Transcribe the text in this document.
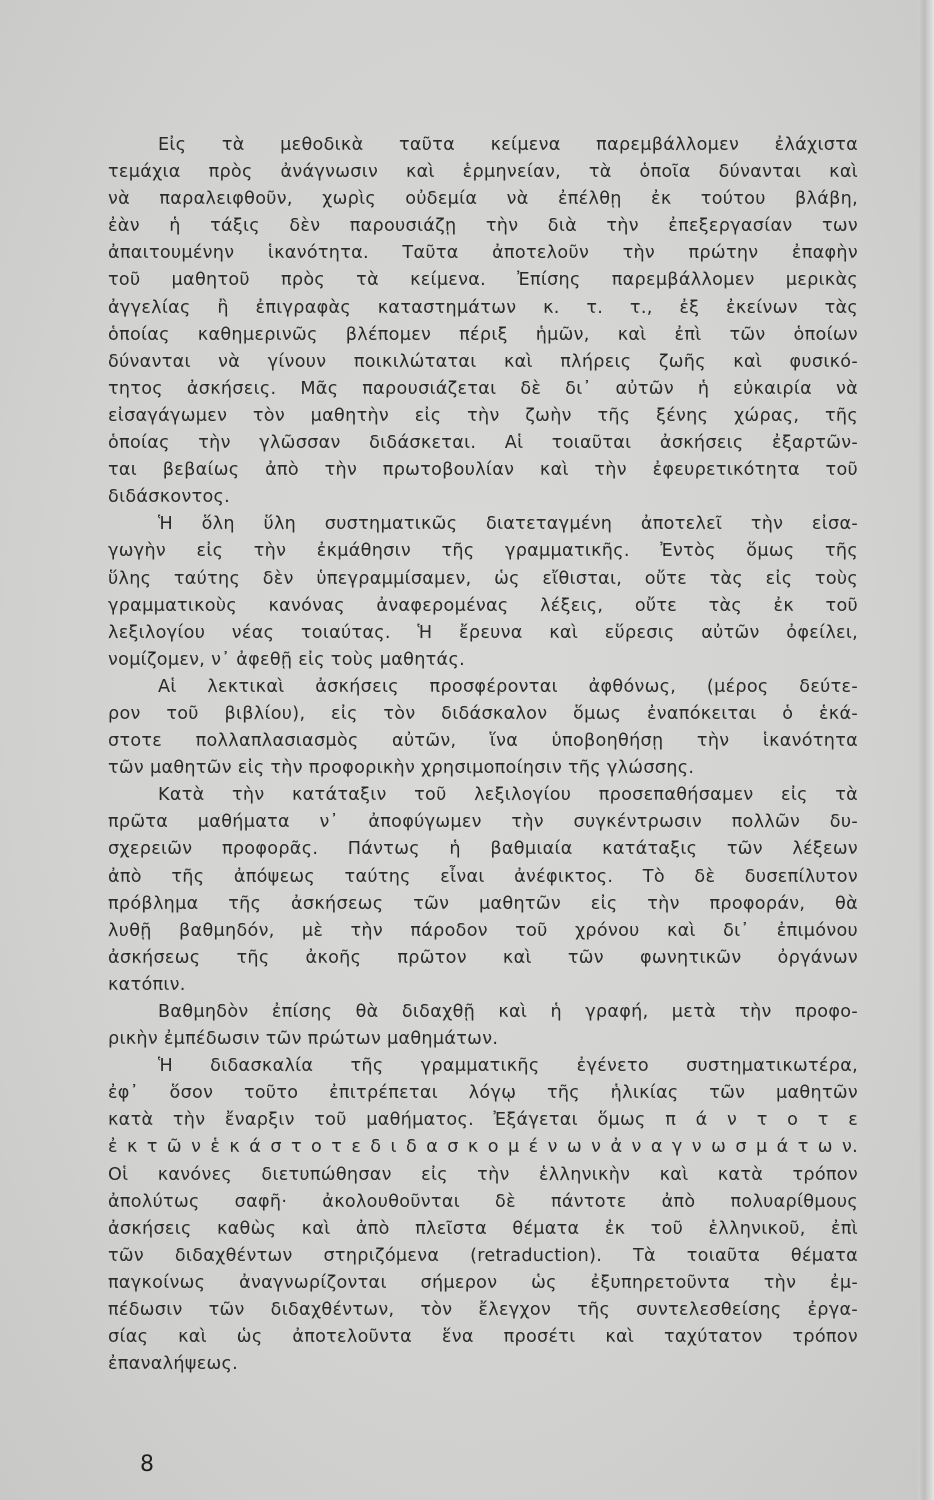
Εἰς τὰ μεθοδικὰ ταῦτα κείμενα παρεμβάλλομεν ἐλάχιστα
τεμάχια πρὸς ἀνάγνωσιν καὶ ἑρμηνείαν, τὰ ὁποῖα δύνανται καὶ
νὰ παραλειφθοῦν, χωρὶς οὐδεμία νὰ ἐπέλθῃ ἐκ τούτου βλάβη,
ἐὰν ἡ τάξις δὲν παρουσιάζῃ τὴν διὰ τὴν ἐπεξεργασίαν των
ἀπαιτουμένην ἱκανότητα. Ταῦτα ἀποτελοῦν τὴν πρώτην ἐπαφὴν
τοῦ μαθητοῦ πρὸς τὰ κείμενα. Ἐπίσης παρεμβάλλομεν μερικὰς
ἀγγελίας ἢ ἐπιγραφὰς καταστημάτων κ. τ. τ., ἐξ ἐκείνων τὰς
ὁποίας καθημερινῶς βλέπομεν πέριξ ἡμῶν, καὶ ἐπὶ τῶν ὁποίων
δύνανται νὰ γίνουν ποικιλώταται καὶ πλήρεις ζωῆς καὶ φυσικό-
τητος ἀσκήσεις. Μᾶς παρουσιάζεται δὲ δι᾿ αὐτῶν ἡ εὐκαιρία νὰ
εἰσαγάγωμεν τὸν μαθητὴν εἰς τὴν ζωὴν τῆς ξένης χώρας, τῆς
ὁποίας τὴν γλῶσσαν διδάσκεται. Αἱ τοιαῦται ἀσκήσεις ἐξαρτῶν-
ται βεβαίως ἀπὸ τὴν πρωτοβουλίαν καὶ τὴν ἐφευρετικότητα τοῦ
διδάσκοντος.
Ἡ ὅλη ὕλη συστηματικῶς διατεταγμένη ἀποτελεῖ τὴν εἰσα-
γωγὴν εἰς τὴν ἐκμάθησιν τῆς γραμματικῆς. Ἐντὸς ὅμως τῆς
ὕλης ταύτης δὲν ὑπεγραμμίσαμεν, ὡς εἴθισται, οὔτε τὰς εἰς τοὺς
γραμματικοὺς κανόνας ἀναφερομένας λέξεις, οὔτε τὰς ἐκ τοῦ
λεξιλογίου νέας τοιαύτας. Ἡ ἔρευνα καὶ εὕρεσις αὐτῶν ὀφείλει,
νομίζομεν, ν᾿ ἀφεθῇ εἰς τοὺς μαθητάς.
Αἱ λεκτικαὶ ἀσκήσεις προσφέρονται ἀφθόνως, (μέρος δεύτε-
ρον τοῦ βιβλίου), εἰς τὸν διδάσκαλον ὅμως ἐναπόκειται ὁ ἑκά-
στοτε πολλαπλασιασμὸς αὐτῶν, ἵνα ὑποβοηθήσῃ τὴν ἱκανότητα
τῶν μαθητῶν εἰς τὴν προφορικὴν χρησιμοποίησιν τῆς γλώσσης.
Κατὰ τὴν κατάταξιν τοῦ λεξιλογίου προσεπαθήσαμεν εἰς τὰ
πρῶτα μαθήματα ν᾿ ἀποφύγωμεν τὴν συγκέντρωσιν πολλῶν δυ-
σχερειῶν προφορᾶς. Πάντως ἡ βαθμιαία κατάταξις τῶν λέξεων
ἀπὸ τῆς ἀπόψεως ταύτης εἶναι ἀνέφικτος. Τὸ δὲ δυσεπίλυτον
πρόβλημα τῆς ἀσκήσεως τῶν μαθητῶν εἰς τὴν προφοράν, θὰ
λυθῇ βαθμηδόν, μὲ τὴν πάροδον τοῦ χρόνου καὶ δι᾿ ἐπιμόνου
ἀσκήσεως τῆς ἀκοῆς πρῶτον καὶ τῶν φωνητικῶν ὀργάνων
κατόπιν.
Βαθμηδὸν ἐπίσης θὰ διδαχθῇ καὶ ἡ γραφή, μετὰ τὴν προφο-
ρικὴν ἐμπέδωσιν τῶν πρώτων μαθημάτων.
Ἡ διδασκαλία τῆς γραμματικῆς ἐγένετο συστηματικωτέρα,
ἐφ᾿ ὅσον τοῦτο ἐπιτρέπεται λόγῳ τῆς ἡλικίας τῶν μαθητῶν
κατὰ τὴν ἔναρξιν τοῦ μαθήματος. Ἐξάγεται ὅμως π ά ν τ ο τ ε
ἐ κ τ ῶ ν ἑ κ ά σ τ ο τ ε δ ι δ α σ κ ο μ έ ν ω ν ἀ ν α γ ν ω σ μ ά τ ω ν.
Οἱ κανόνες διετυπώθησαν εἰς τὴν ἑλληνικὴν καὶ κατὰ τρόπον
ἀπολύτως σαφῆ· ἀκολουθοῦνται δὲ πάντοτε ἀπὸ πολυαρίθμους
ἀσκήσεις καθὼς καὶ ἀπὸ πλεῖστα θέματα ἐκ τοῦ ἑλληνικοῦ, ἐπὶ
τῶν διδαχθέντων στηριζόμενα (retraduction). Τὰ τοιαῦτα θέματα
παγκοίνως ἀναγνωρίζονται σήμερον ὡς ἐξυπηρετοῦντα τὴν ἐμ-
πέδωσιν τῶν διδαχθέντων, τὸν ἔλεγχον τῆς συντελεσθείσης ἐργα-
σίας καὶ ὡς ἀποτελοῦντα ἕνα προσέτι καὶ ταχύτατον τρόπον
ἐπαναλήψεως.
8
